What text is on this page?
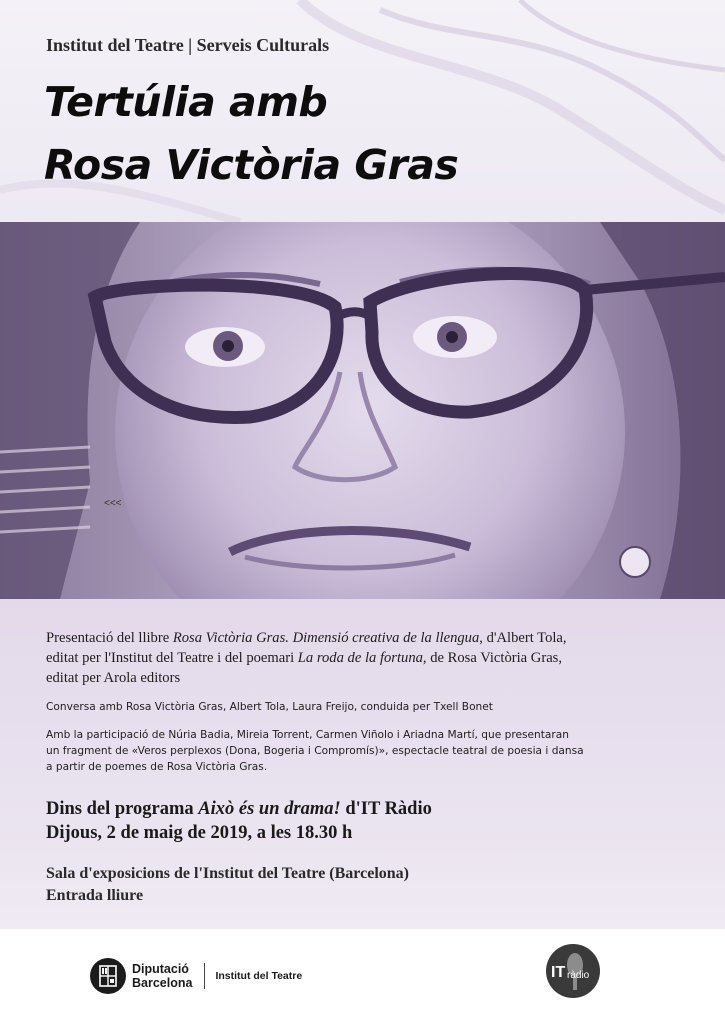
<<<
Institut del Teatre | Serveis Culturals
Tertúlia amb
Rosa Victòria Gras
Presentació del llibre Rosa Victòria Gras. Dimensió creativa de la llengua, d'Albert Tola,
editat per l'Institut del Teatre i del poemari La roda de la fortuna, de Rosa Victòria Gras,
editat per Arola editors
Conversa amb Rosa Victòria Gras, Albert Tola, Laura Freijo, conduida per Txell Bonet
Amb la participació de Núria Badia, Mireia Torrent, Carmen Viñolo i Ariadna Martí, que presentaran
un fragment de «Veros perplexos (Dona, Bogeria i Compromís)», espectacle teatral de poesia i dansa
a partir de poemes de Rosa Victòria Gras.
Dins del programa Això és un drama! d'IT Ràdio
Dijous, 2 de maig de 2019, a les 18.30 h
Sala d'exposicions de l'Institut del Teatre (Barcelona)
Entrada lliure
Diputació
Barcelona Institut del Teatre	IT ràdio
